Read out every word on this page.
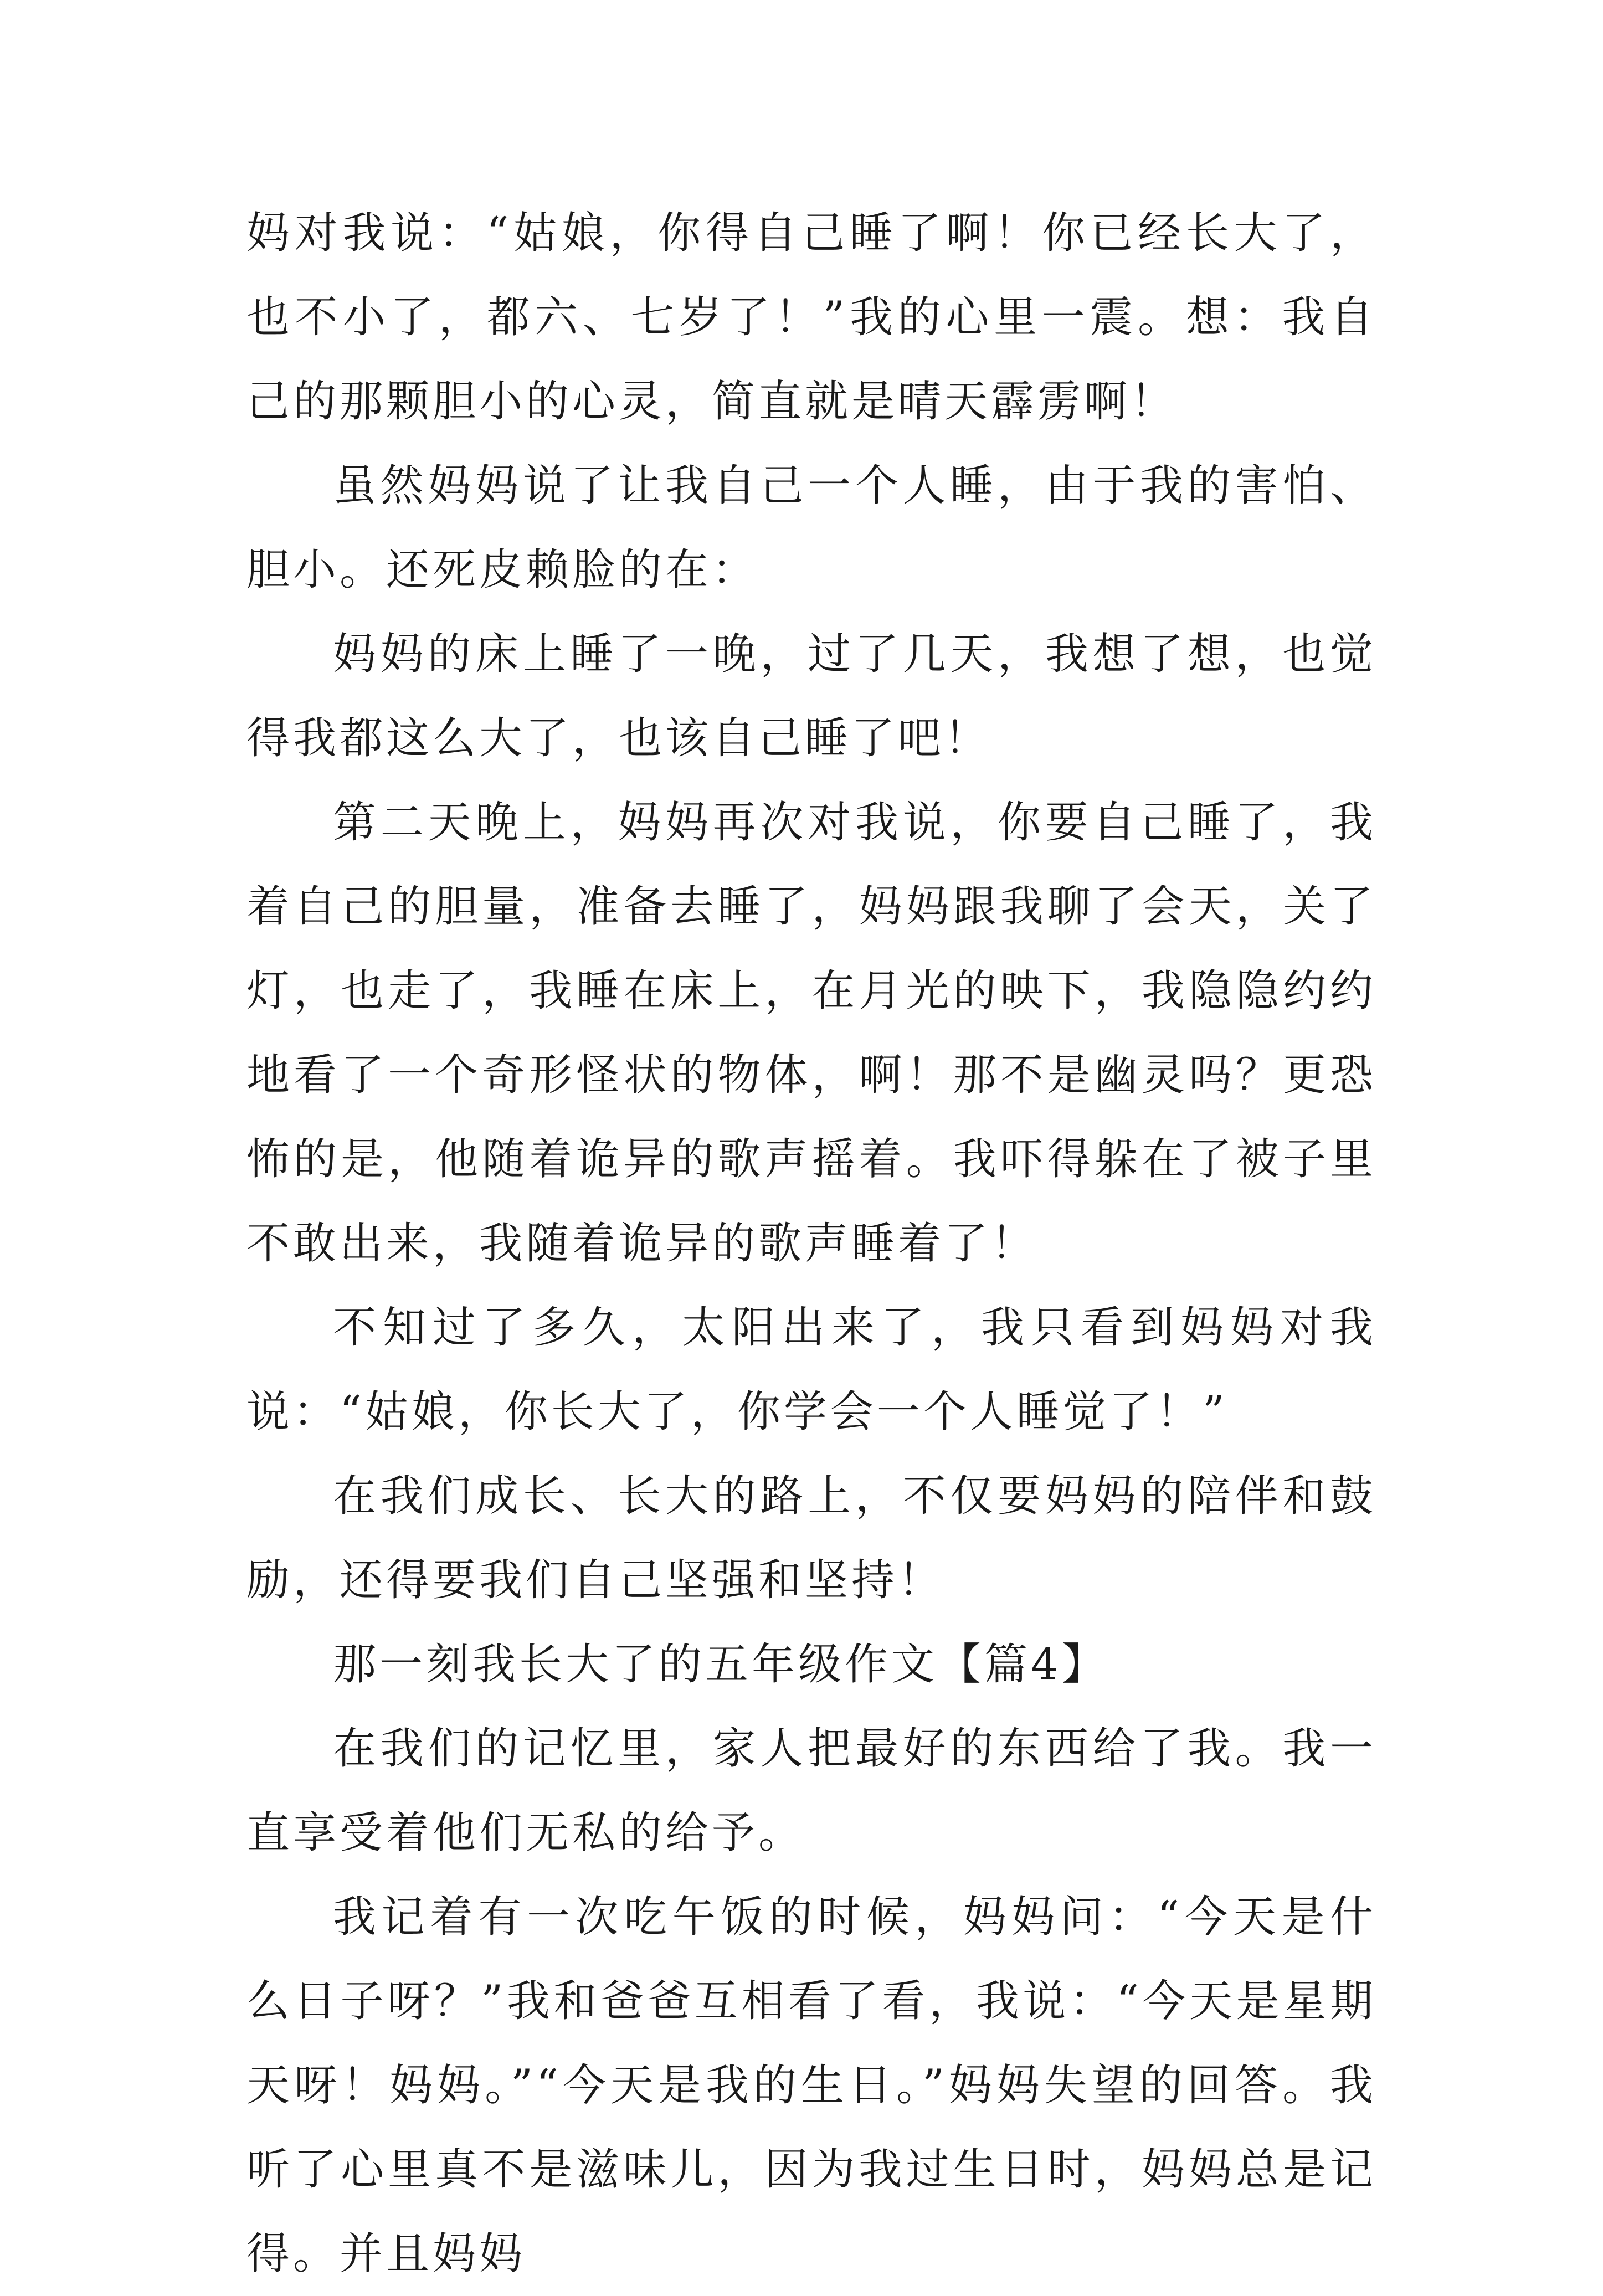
妈对我说：“姑娘，你得自己睡了啊！你已经长大了，也不小了，都六、七岁了！”我的心里一震。想：我自己的那颗胆小的心灵，简直就是晴天霹雳啊！

虽然妈妈说了让我自己一个人睡，由于我的害怕、胆小。还死皮赖脸的在：

妈妈的床上睡了一晚，过了几天，我想了想，也觉得我都这么大了，也该自己睡了吧！

第二天晚上，妈妈再次对我说，你要自己睡了，我着自己的胆量，准备去睡了，妈妈跟我聊了会天，关了灯，也走了，我睡在床上，在月光的映下，我隐隐约约地看了一个奇形怪状的物体，啊！那不是幽灵吗？更恐怖的是，他随着诡异的歌声摇着。我吓得躲在了被子里不敢出来，我随着诡异的歌声睡着了！

不知过了多久，太阳出来了，我只看到妈妈对我说：“姑娘，你长大了，你学会一个人睡觉了！”

在我们成长、长大的路上，不仅要妈妈的陪伴和鼓励，还得要我们自己坚强和坚持！

那一刻我长大了的五年级作文【篇4】

在我们的记忆里，家人把最好的东西给了我。我一直享受着他们无私的给予。

我记着有一次吃午饭的时候，妈妈问：“今天是什么日子呀？”我和爸爸互相看了看，我说：“今天是星期天呀！妈妈。”“今天是我的生日。”妈妈失望的回答。我听了心里真不是滋味儿，因为我过生日时，妈妈总是记得。并且妈妈
